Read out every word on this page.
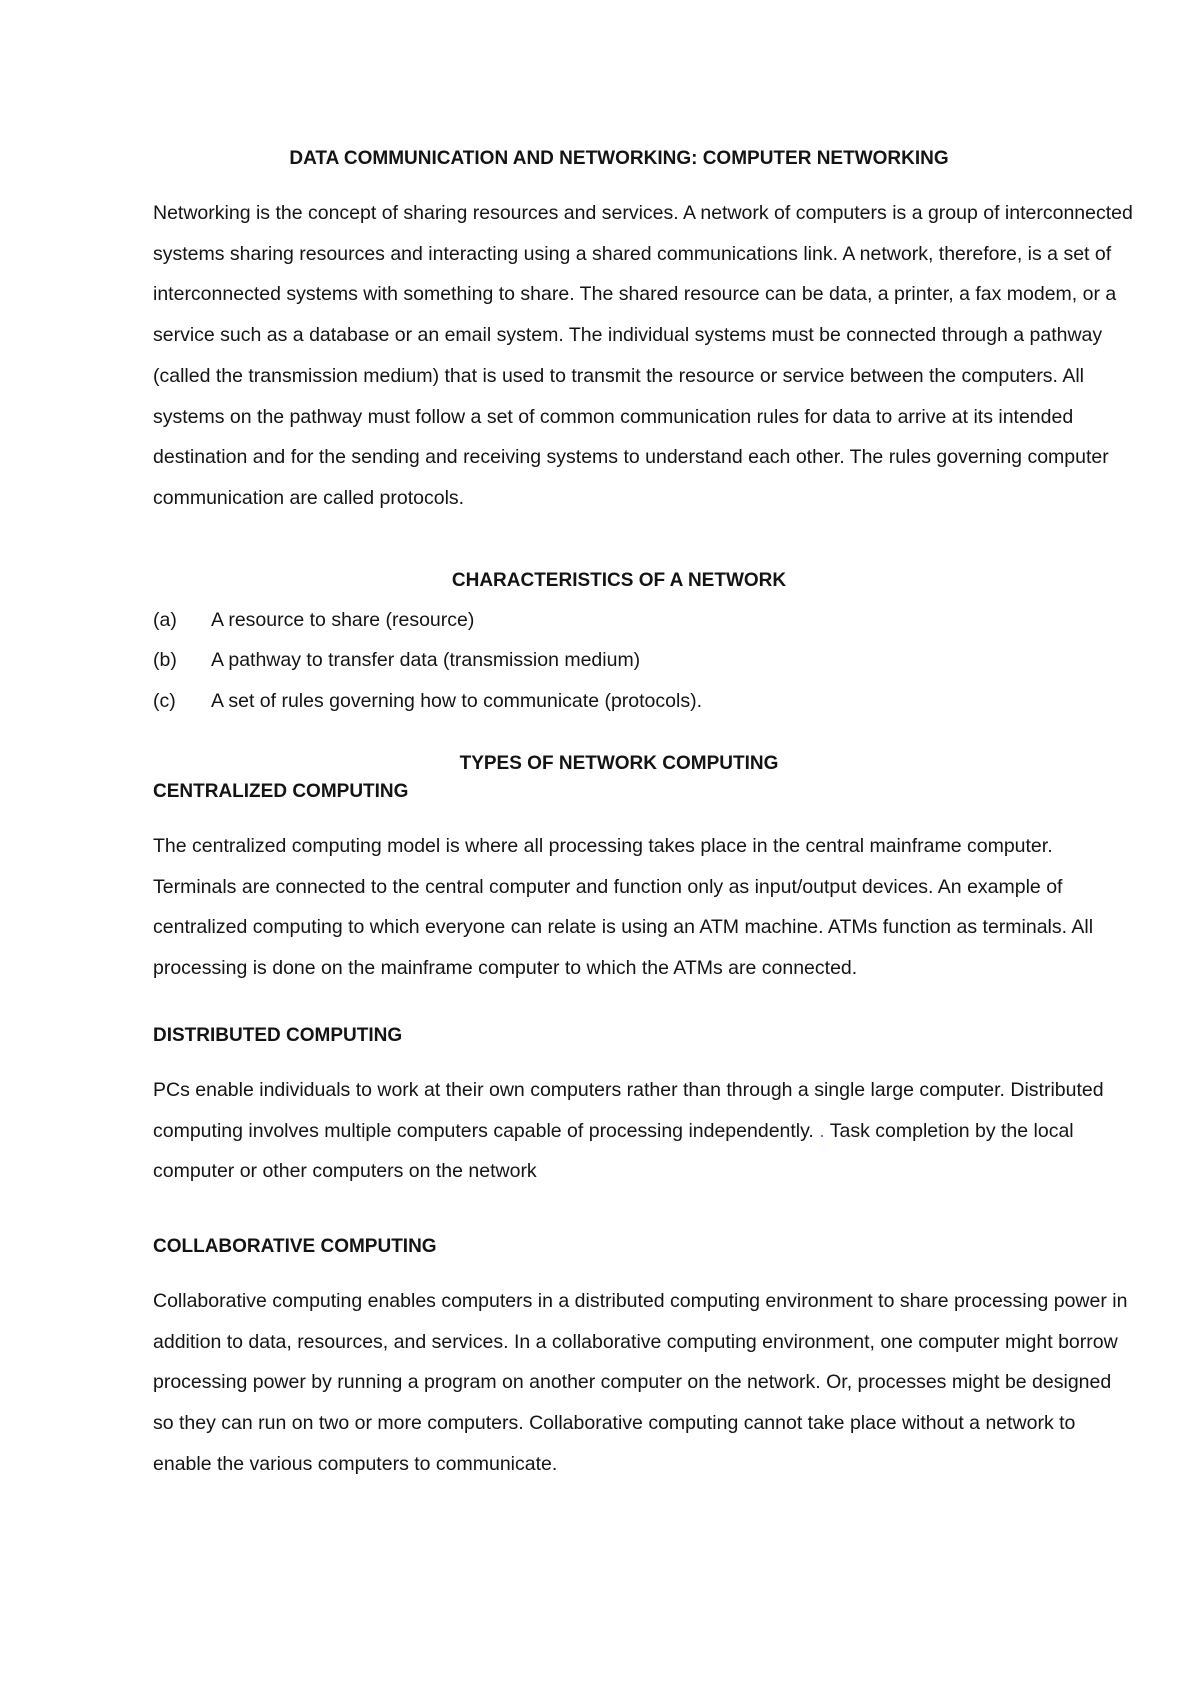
DATA COMMUNICATION AND NETWORKING: COMPUTER NETWORKING
Networking is the concept of sharing resources and services. A network of computers is a group of interconnected systems sharing resources and interacting using a shared communications link. A network, therefore, is a set of interconnected systems with something to share. The shared resource can be data, a printer, a fax modem, or a service such as a database or an email system. The individual systems must be connected through a pathway (called the transmission medium) that is used to transmit the resource or service between the computers. All systems on the pathway must follow a set of common communication rules for data to arrive at its intended destination and for the sending and receiving systems to understand each other. The rules governing computer communication are called protocols.
CHARACTERISTICS OF A NETWORK
(a) A resource to share (resource)
(b) A pathway to transfer data (transmission medium)
(c) A set of rules governing how to communicate (protocols).
TYPES OF NETWORK COMPUTING
CENTRALIZED COMPUTING
The centralized computing model is where all processing takes place in the central mainframe computer. Terminals are connected to the central computer and function only as input/output devices. An example of centralized computing to which everyone can relate is using an ATM machine. ATMs function as terminals. All processing is done on the mainframe computer to which the ATMs are connected.
DISTRIBUTED COMPUTING
PCs enable individuals to work at their own computers rather than through a single large computer. Distributed computing involves multiple computers capable of processing independently. . Task completion by the local computer or other computers on the network
COLLABORATIVE COMPUTING
Collaborative computing enables computers in a distributed computing environment to share processing power in addition to data, resources, and services. In a collaborative computing environment, one computer might borrow processing power by running a program on another computer on the network. Or, processes might be designed so they can run on two or more computers. Collaborative computing cannot take place without a network to enable the various computers to communicate.
